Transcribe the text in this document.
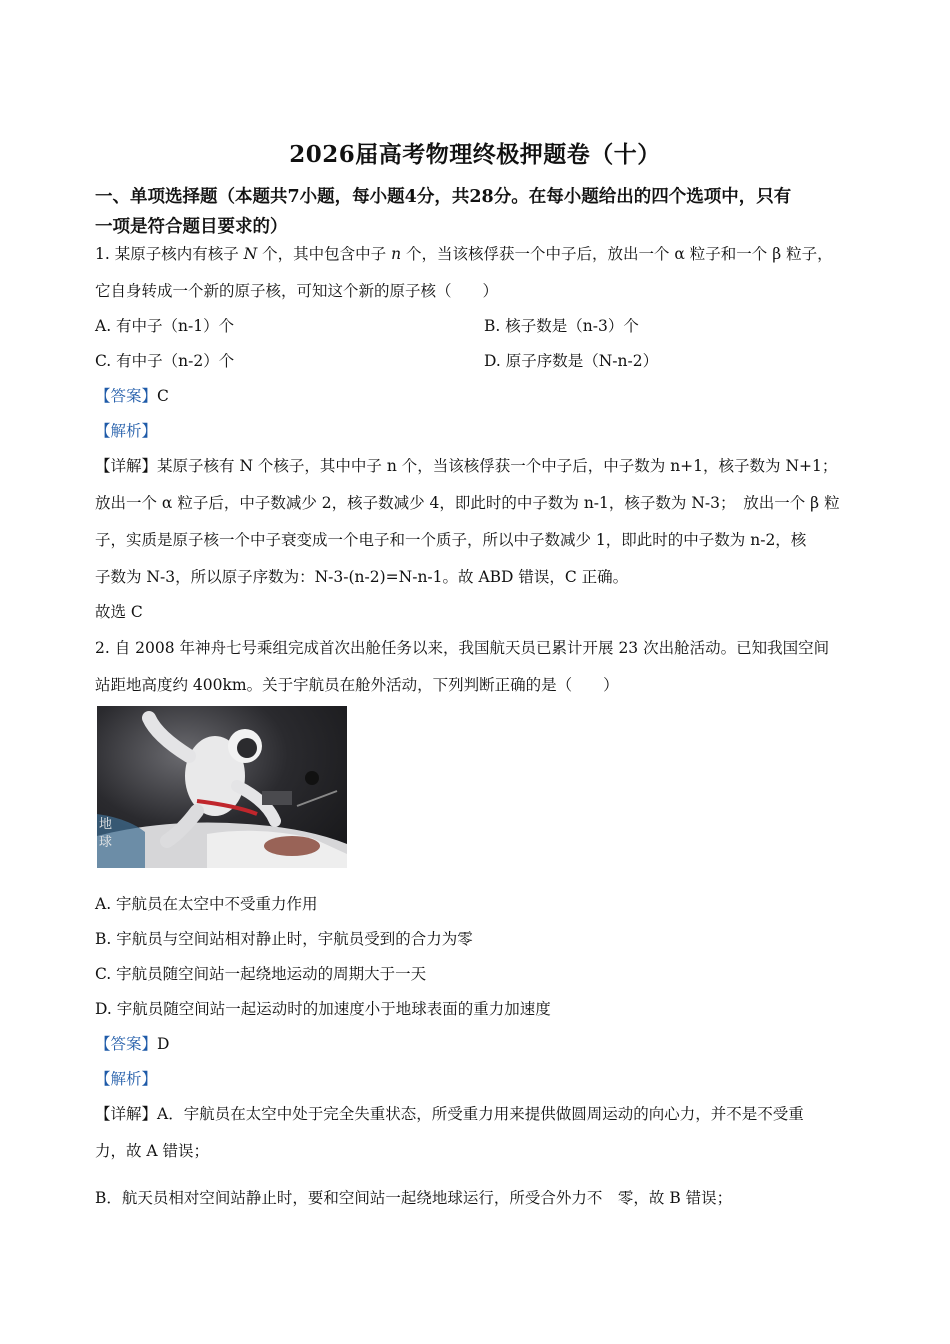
2026届高考物理终极押题卷（十）
一、单项选择题（本题共7小题，每小题4分，共28分。在每小题给出的四个选项中，只有
一项是符合题目要求的）
1. 某原子核内有核子 N 个，其中包含中子 n 个，当该核俘获一个中子后，放出一个 α 粒子和一个 β 粒子，
它自身转成一个新的原子核，可知这个新的原子核（　　）
A. 有中子（n-1）个	B. 核子数是（n-3）个
C. 有中子（n-2）个	D. 原子序数是（N-n-2）
【答案】C
【解析】
【详解】某原子核有 N 个核子，其中中子 n 个，当该核俘获一个中子后，中子数为 n+1，核子数为 N+1；
放出一个 α 粒子后，中子数减少 2，核子数减少 4，即此时的中子数为 n-1，核子数为 N-3；　放出一个 β 粒
子，实质是原子核一个中子衰变成一个电子和一个质子，所以中子数减少 1，即此时的中子数为 n-2，核
子数为 N-3，所以原子序数为：N-3-(n-2)=N-n-1。故 ABD 错误，C 正确。
故选 C
2. 自 2008 年神舟七号乘组完成首次出舱任务以来，我国航天员已累计开展 23 次出舱活动。已知我国空间
站距地高度约 400km。关于宇航员在舱外活动，下列判断正确的是（　　）
地球
A. 宇航员在太空中不受重力作用
B. 宇航员与空间站相对静止时，宇航员受到的合力为零
C. 宇航员随空间站一起绕地运动的周期大于一天
D. 宇航员随空间站一起运动时的加速度小于地球表面的重力加速度
【答案】D
【解析】
【详解】A．宇航员在太空中处于完全失重状态，所受重力用来提供做圆周运动的向心力，并不是不受重
力，故 A 错误；
B．航天员相对空间站静止时，要和空间站一起绕地球运行，所受合外力不　零，故 B 错误；
